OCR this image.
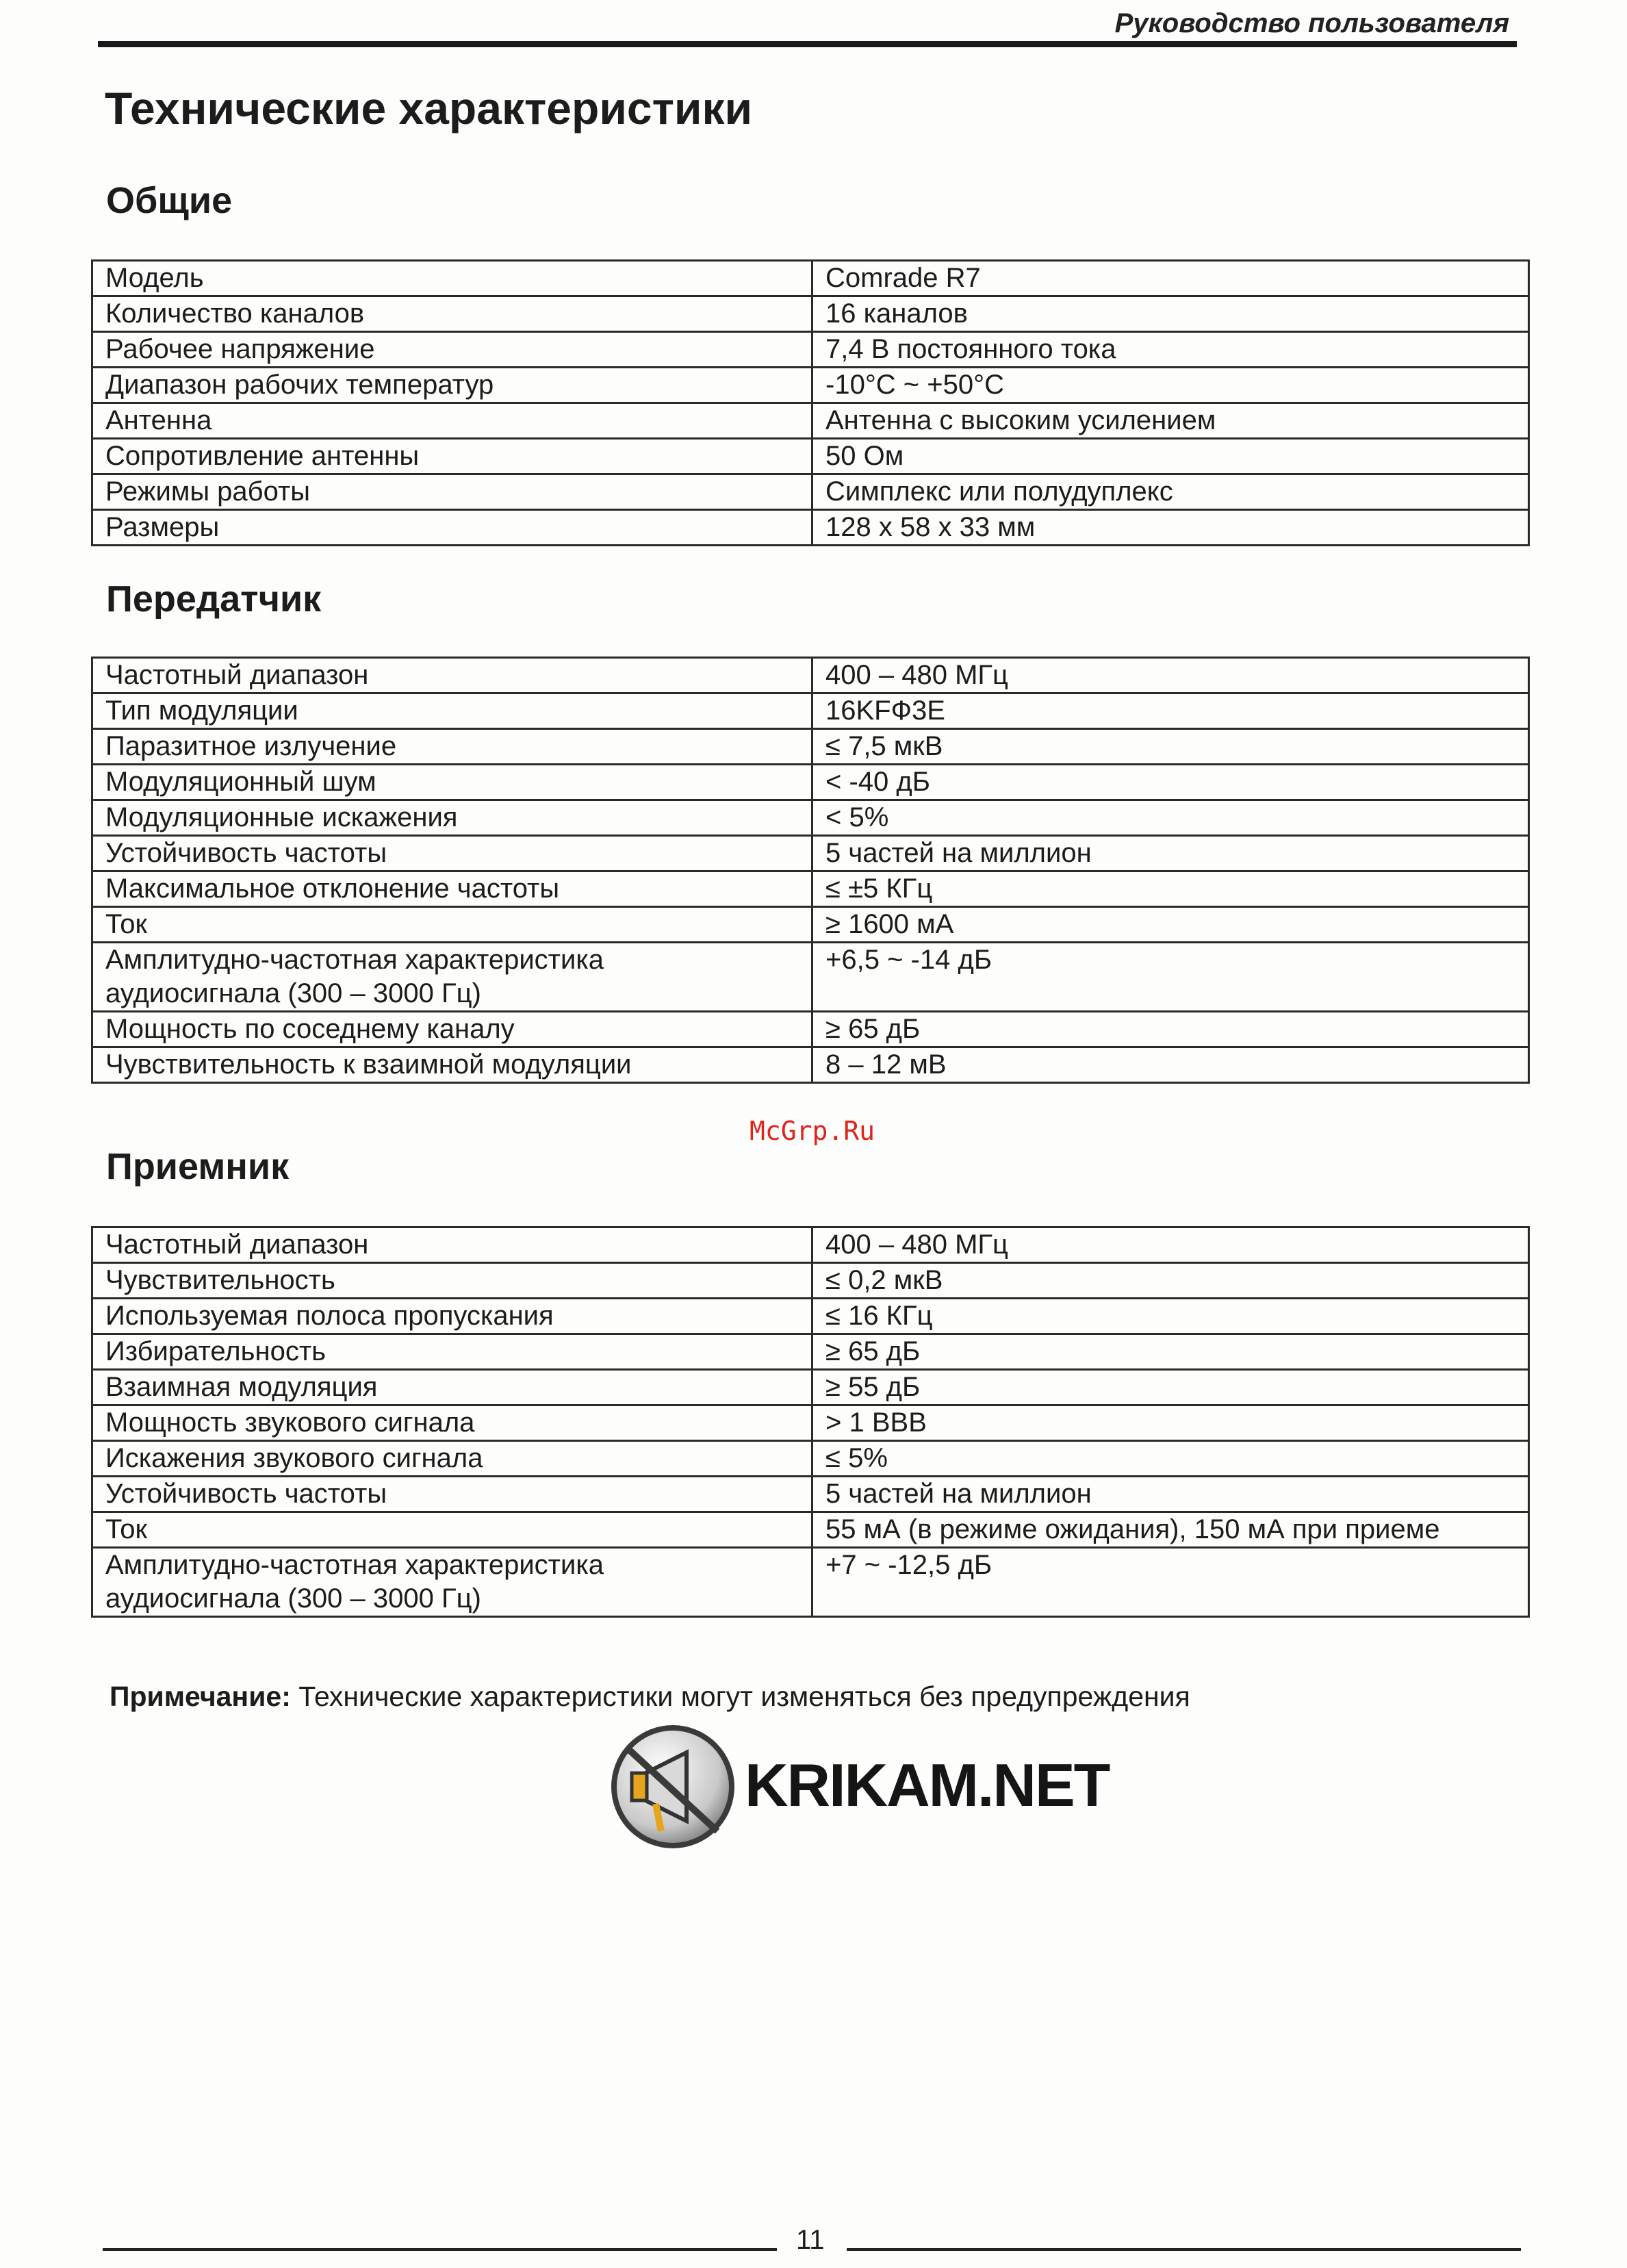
Руководство пользователя
Технические характеристики
Общие
Модель	Comrade R7
Количество каналов	16 каналов
Рабочее напряжение	7,4 В постоянного тока
Диапазон рабочих температур	-10°C ~ +50°C
Антенна	Антенна с высоким усилением
Сопротивление антенны	50 Ом
Режимы работы	Симплекс или полудуплекс
Размеры	128 x 58 x 33 мм
Передатчик
Частотный диапазон	400 – 480 МГц
Тип модуляции	16KFФ3E
Паразитное излучение	≤ 7,5 мкВ
Модуляционный шум	< -40 дБ
Модуляционные искажения	< 5%
Устойчивость частоты	5 частей на миллион
Максимальное отклонение частоты	≤ ±5 КГц
Ток	≥ 1600 мА
Амплитудно-частотная характеристика
аудиосигнала (300 – 3000 Гц)	+6,5 ~ -14 дБ
Мощность по соседнему каналу	≥ 65 дБ
Чувствительность к взаимной модуляции	8 – 12 мВ
McGrp.Ru
Приемник
Частотный диапазон	400 – 480 МГц
Чувствительность	≤ 0,2 мкВ
Используемая полоса пропускания	≤ 16 КГц
Избирательность	≥ 65 дБ
Взаимная модуляция	≥ 55 дБ
Мощность звукового сигнала	> 1 ВВВ
Искажения звукового сигнала	≤ 5%
Устойчивость частоты	5 частей на миллион
Ток	55 мА (в режиме ожидания), 150 мА при приеме
Амплитудно-частотная характеристика
аудиосигнала (300 – 3000 Гц)	+7 ~ -12,5 дБ
Примечание: Технические характеристики могут изменяться без предупреждения
KRIKAM.NET
11
